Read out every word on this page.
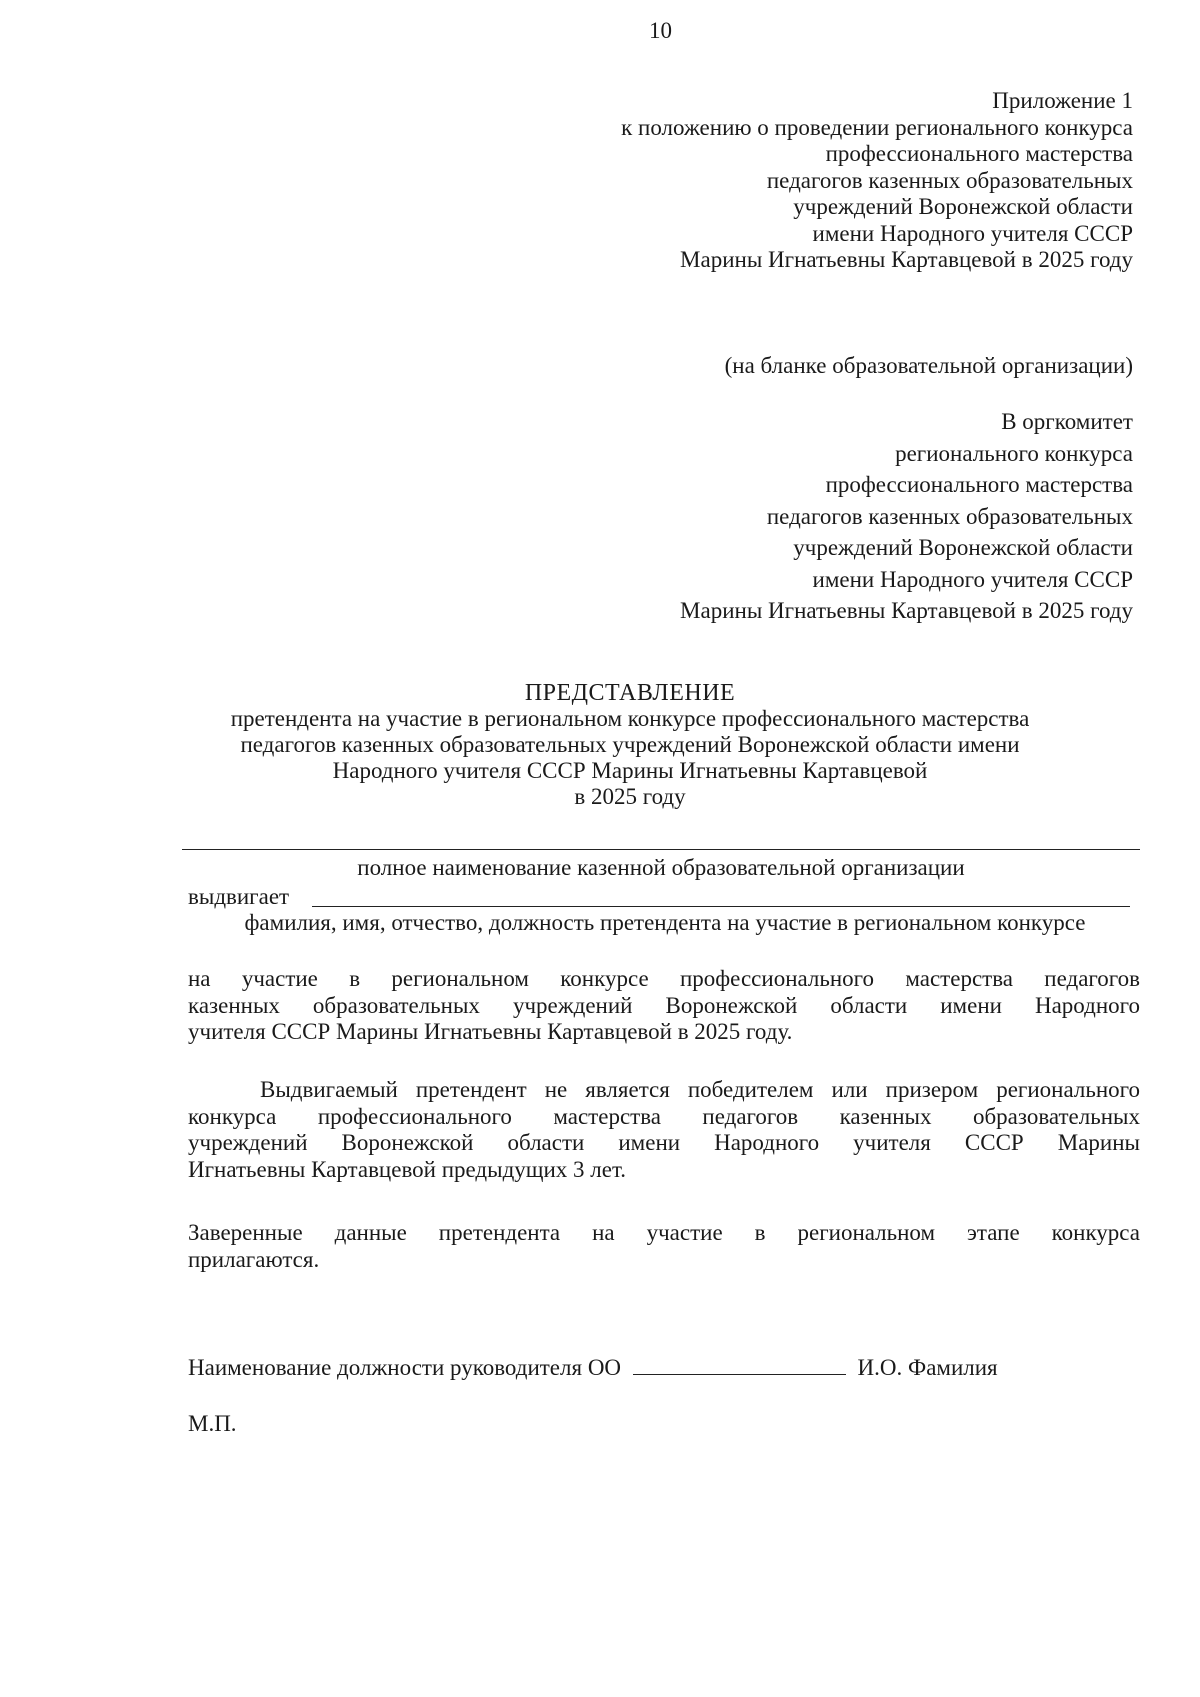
10
Приложение 1
к положению о проведении регионального конкурса
профессионального мастерства
педагогов казенных образовательных
учреждений Воронежской области
имени Народного учителя СССР
Марины Игнатьевны Картавцевой в 2025 году
(на бланке образовательной организации)
В оргкомитет
регионального конкурса
профессионального мастерства
педагогов казенных образовательных
учреждений Воронежской области
имени Народного учителя СССР
Марины Игнатьевны Картавцевой в 2025 году
ПРЕДСТАВЛЕНИЕ
претендента на участие в региональном конкурсе профессионального мастерства
педагогов казенных образовательных учреждений Воронежской области имени
Народного учителя СССР Марины Игнатьевны Картавцевой
в 2025 году
полное наименование казенной образовательной организации
выдвигает
фамилия, имя, отчество, должность претендента на участие в региональном конкурсе
на участие в региональном конкурсе профессионального мастерства педагогов
казенных образовательных учреждений Воронежской области имени Народного
учителя СССР Марины Игнатьевны Картавцевой в 2025 году.
Выдвигаемый претендент не является победителем или призером регионального
конкурса профессионального мастерства педагогов казенных образовательных
учреждений Воронежской области имени Народного учителя СССР Марины
Игнатьевны Картавцевой предыдущих 3 лет.
Заверенные данные претендента на участие в региональном этапе конкурса
прилагаются.
Наименование должности руководителя ОО	И.О. Фамилия
М.П.
